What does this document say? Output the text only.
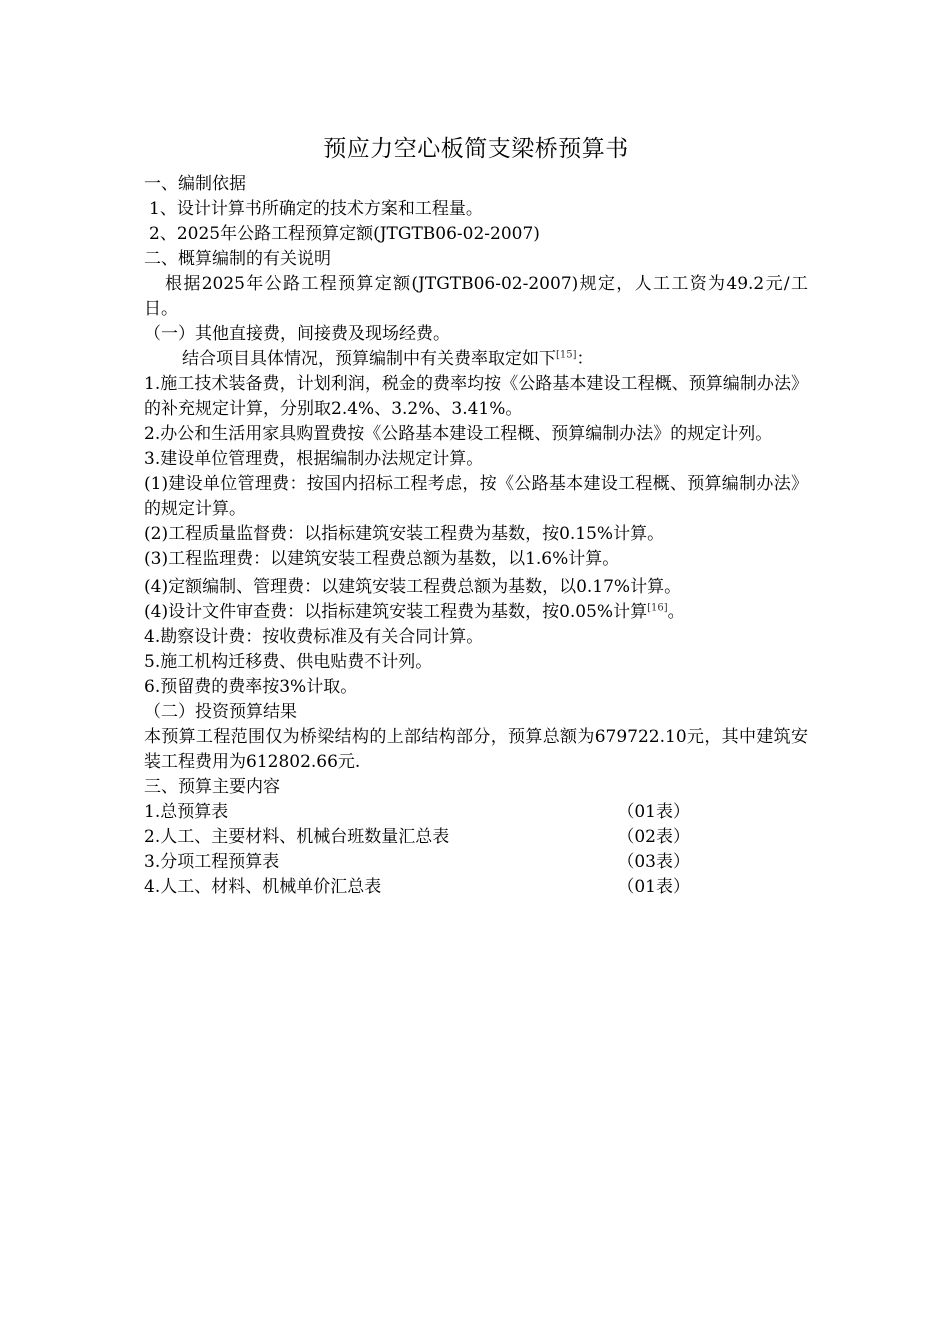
预应力空心板简支梁桥预算书

一、编制依据

1、设计计算书所确定的技术方案和工程量。

2、2025年公路工程预算定额(JTGTB06-02-2007)

二、概算编制的有关说明

根据2025年公路工程预算定额(JTGTB06-02-2007)规定，人工工资为49.2元/工日。

（一）其他直接费，间接费及现场经费。

结合项目具体情况，预算编制中有关费率取定如下[15]：

1.施工技术装备费，计划利润，税金的费率均按《公路基本建设工程概、预算编制办法》的补充规定计算，分别取2.4%、3.2%、3.41%。

2.办公和生活用家具购置费按《公路基本建设工程概、预算编制办法》的规定计列。

3.建设单位管理费，根据编制办法规定计算。

(1)建设单位管理费：按国内招标工程考虑，按《公路基本建设工程概、预算编制办法》的规定计算。

(2)工程质量监督费：以指标建筑安装工程费为基数，按0.15%计算。

(3)工程监理费：以建筑安装工程费总额为基数，以1.6%计算。

(4)定额编制、管理费：以建筑安装工程费总额为基数，以0.17%计算。

(4)设计文件审查费：以指标建筑安装工程费为基数，按0.05%计算[16]。

4.勘察设计费：按收费标准及有关合同计算。

5.施工机构迁移费、供电贴费不计列。

6.预留费的费率按3%计取。

（二）投资预算结果

本预算工程范围仅为桥梁结构的上部结构部分，预算总额为679722.10元，其中建筑安装工程费用为612802.66元.

三、预算主要内容

1.总预算表	（01表）
2.人工、主要材料、机械台班数量汇总表	（02表）
3.分项工程预算表	（03表）
4.人工、材料、机械单价汇总表	（01表）
